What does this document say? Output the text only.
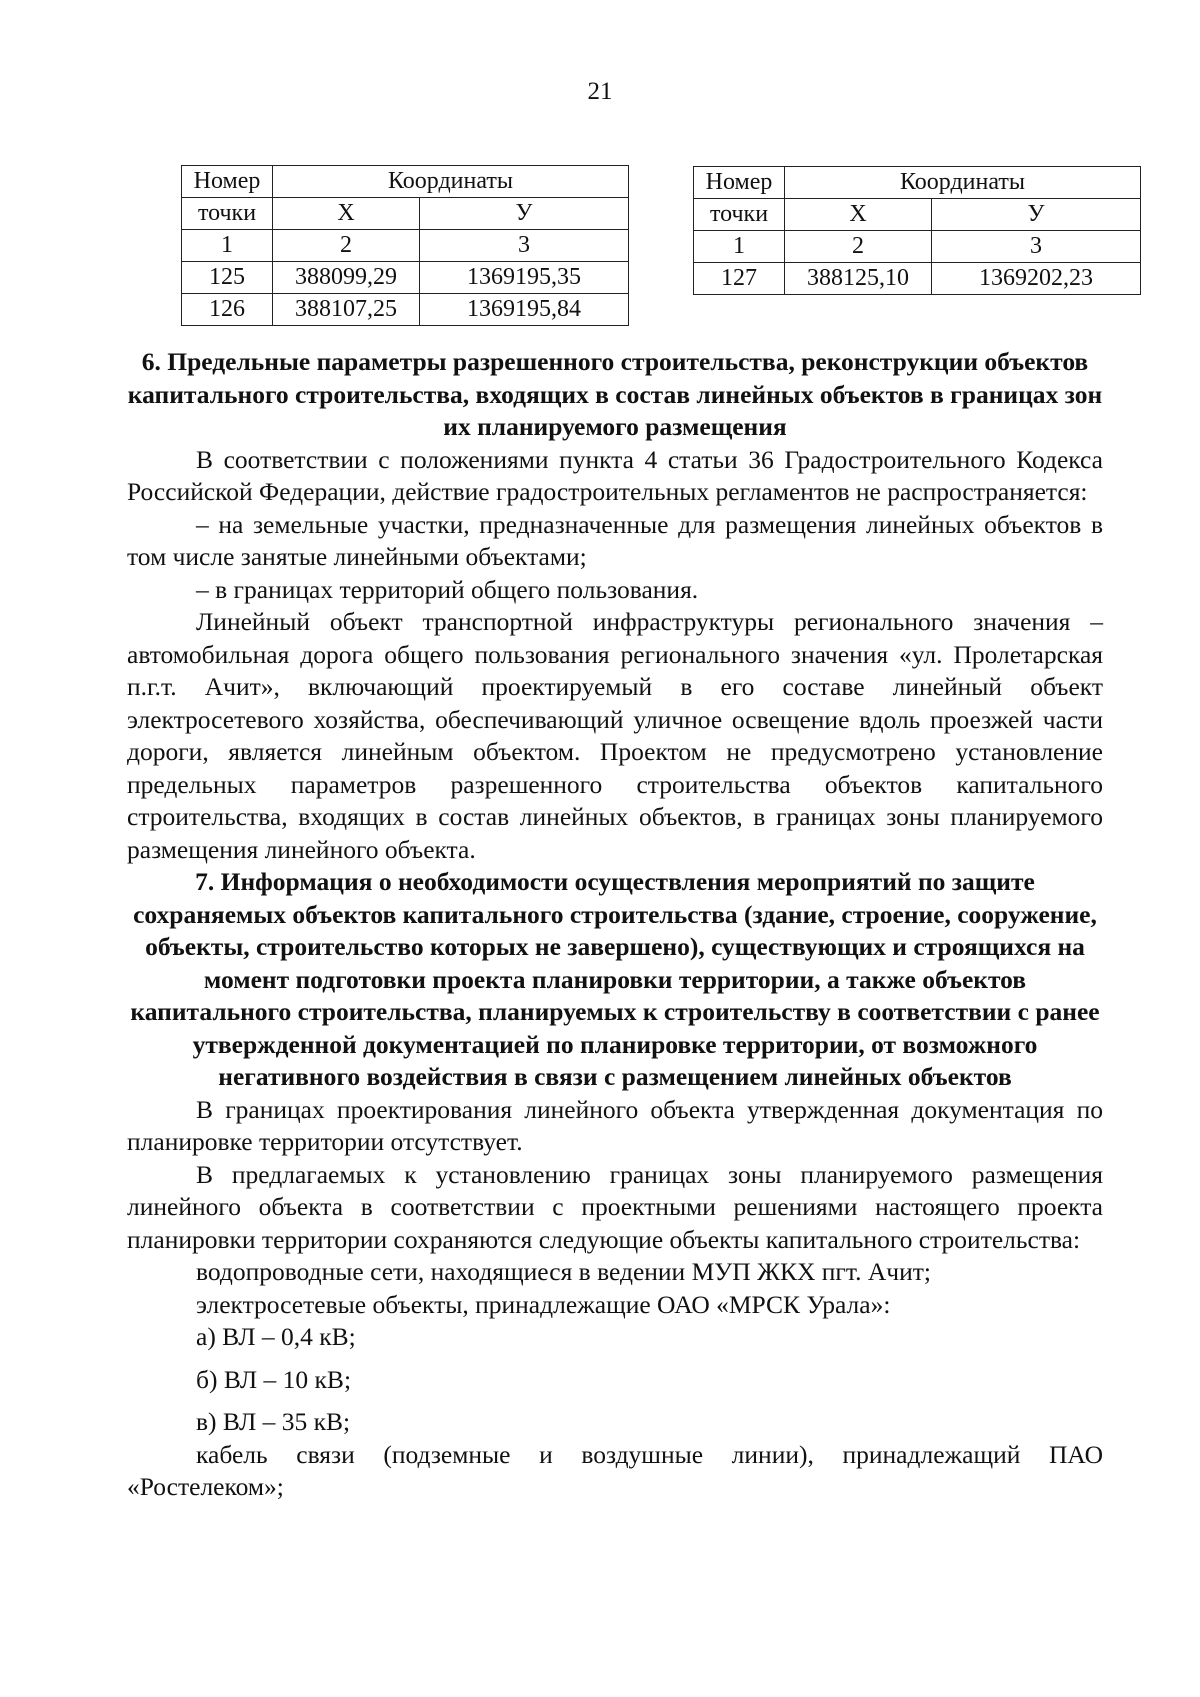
21
Номер	Координаты	
точки	Х	У
1	2	3
125	388099,29	1369195,35
126	388107,25	1369195,84
Номер	Координаты	
точки	Х	У
1	2	3
127	388125,10	1369202,23

6. Предельные параметры разрешенного строительства, реконструкции объектов капитального строительства, входящих в состав линейных объектов в границах зон их планируемого размещения

В соответствии с положениями пункта 4 статьи 36 Градостроительного Кодекса Российской Федерации, действие градостроительных регламентов не распространяется:

– на земельные участки, предназначенные для размещения линейных объектов в том числе занятые линейными объектами;

– в границах территорий общего пользования.

Линейный объект транспортной инфраструктуры регионального значения – автомобильная дорога общего пользования регионального значения «ул. Пролетарская п.г.т. Ачит», включающий проектируемый в его составе линейный объект электросетевого хозяйства, обеспечивающий уличное освещение вдоль проезжей части дороги, является линейным объектом. Проектом не предусмотрено установление предельных параметров разрешенного строительства объектов капитального строительства, входящих в состав линейных объектов, в границах зоны планируемого размещения линейного объекта.

7. Информация о необходимости осуществления мероприятий по защите сохраняемых объектов капитального строительства (здание, строение, сооружение, объекты, строительство которых не завершено), существующих и строящихся на момент подготовки проекта планировки территории, а также объектов капитального строительства, планируемых к строительству в соответствии с ранее утвержденной документацией по планировке территории, от возможного негативного воздействия в связи с размещением линейных объектов

В границах проектирования линейного объекта утвержденная документация по планировке территории отсутствует.

В предлагаемых к установлению границах зоны планируемого размещения линейного объекта в соответствии с проектными решениями настоящего проекта планировки территории сохраняются следующие объекты капитального строительства:

водопроводные сети, находящиеся в ведении МУП ЖКХ пгт. Ачит;

электросетевые объекты, принадлежащие ОАО «МРСК Урала»:

а) ВЛ – 0,4 кВ;

б) ВЛ – 10 кВ;

в) ВЛ – 35 кВ;

кабель связи (подземные и воздушные линии), принадлежащий ПАО «Ростелеком»;
